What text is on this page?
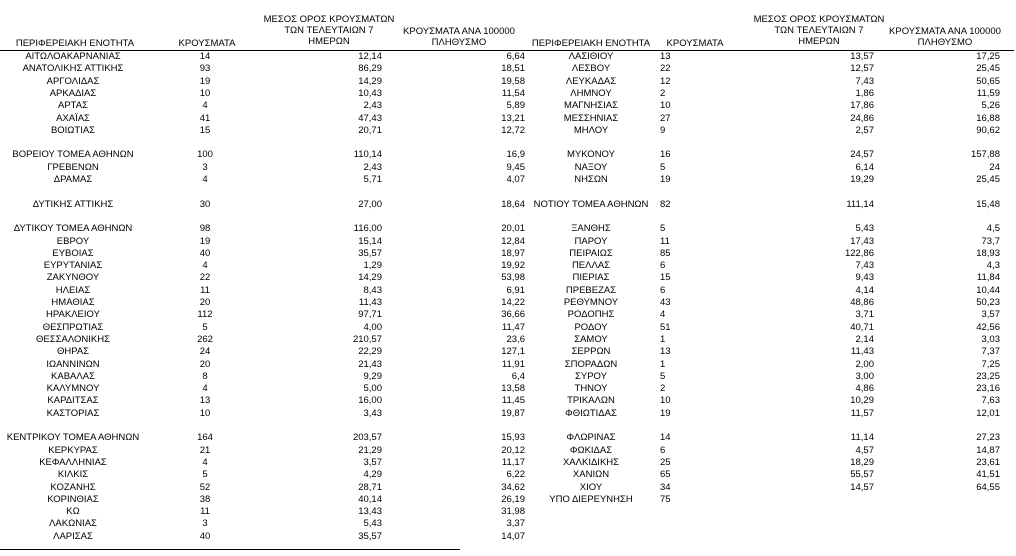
ΠΕΡΙΦΕΡΕΙΑΚΗ ΕΝΟΤΗΤΑ	ΚΡΟΥΣΜΑΤΑ
ΜΕΣΟΣ ΟΡΟΣ ΚΡΟΥΣΜΑΤΩΝ
ΤΩΝ ΤΕΛΕΥΤΑΙΩΝ 7
ΗΜΕΡΩΝ
ΚΡΟΥΣΜΑΤΑ ΑΝΑ 100000
ΠΛΗΘΥΣΜΟ	ΠΕΡΙΦΕΡΕΙΑΚΗ ΕΝΟΤΗΤΑ	ΚΡΟΥΣΜΑΤΑ
ΜΕΣΟΣ ΟΡΟΣ ΚΡΟΥΣΜΑΤΩΝ
ΤΩΝ ΤΕΛΕΥΤΑΙΩΝ 7
ΗΜΕΡΩΝ
ΚΡΟΥΣΜΑΤΑ ΑΝΑ 100000
ΠΛΗΘΥΣΜΟ
ΑΙΤΩΛΟΑΚΑΡΝΑΝΙΑΣ	14	12,14	6,64
ΑΝΑΤΟΛΙΚΗΣ ΑΤΤΙΚΗΣ	93	86,29	18,51
ΑΡΓΟΛΙΔΑΣ	19	14,29	19,58
ΑΡΚΑΔΙΑΣ	10	10,43	11,54
ΑΡΤΑΣ	4	2,43	5,89
ΑΧΑΪΑΣ	41	47,43	13,21
ΒΟΙΩΤΙΑΣ	15	20,71	12,72
ΒΟΡΕΙΟΥ ΤΟΜΕΑ ΑΘΗΝΩΝ	100	110,14	16,9
ΓΡΕΒΕΝΩΝ	3	2,43	9,45
ΔΡΑΜΑΣ	4	5,71	4,07
ΔΥΤΙΚΗΣ ΑΤΤΙΚΗΣ	30	27,00	18,64
ΔΥΤΙΚΟΥ ΤΟΜΕΑ ΑΘΗΝΩΝ	98	116,00	20,01
ΕΒΡΟΥ	19	15,14	12,84
ΕΥΒΟΙΑΣ	40	35,57	18,97
ΕΥΡΥΤΑΝΙΑΣ	4	1,29	19,92
ΖΑΚΥΝΘΟΥ	22	14,29	53,98
ΗΛΕΙΑΣ	11	8,43	6,91
ΗΜΑΘΙΑΣ	20	11,43	14,22
ΗΡΑΚΛΕΙΟΥ	112	97,71	36,66
ΘΕΣΠΡΩΤΙΑΣ	5	4,00	11,47
ΘΕΣΣΑΛΟΝΙΚΗΣ	262	210,57	23,6
ΘΗΡΑΣ	24	22,29	127,1
ΙΩΑΝΝΙΝΩΝ	20	21,43	11,91
ΚΑΒΑΛΑΣ	8	9,29	6,4
ΚΑΛΥΜΝΟΥ	4	5,00	13,58
ΚΑΡΔΙΤΣΑΣ	13	16,00	11,45
ΚΑΣΤΟΡΙΑΣ	10	3,43	19,87
ΚΕΝΤΡΙΚΟΥ ΤΟΜΕΑ ΑΘΗΝΩΝ	164	203,57	15,93
ΚΕΡΚΥΡΑΣ	21	21,29	20,12
ΚΕΦΑΛΛΗΝΙΑΣ	4	3,57	11,17
ΚΙΛΚΙΣ	5	4,29	6,22
ΚΟΖΑΝΗΣ	52	28,71	34,62
ΚΟΡΙΝΘΙΑΣ	38	40,14	26,19
ΚΩ	11	13,43	31,98
ΛΑΚΩΝΙΑΣ	3	5,43	3,37
ΛΑΡΙΣΑΣ	40	35,57	14,07
ΛΑΣΙΘΙΟΥ	13	13,57	17,25
ΛΕΣΒΟΥ	22	12,57	25,45
ΛΕΥΚΑΔΑΣ	12	7,43	50,65
ΛΗΜΝΟΥ	2	1,86	11,59
ΜΑΓΝΗΣΙΑΣ	10	17,86	5,26
ΜΕΣΣΗΝΙΑΣ	27	24,86	16,88
ΜΗΛΟΥ	9	2,57	90,62
ΜΥΚΟΝΟΥ	16	24,57	157,88
ΝΑΞΟΥ	5	6,14	24
ΝΗΣΩΝ	19	19,29	25,45
ΝΟΤΙΟΥ ΤΟΜΕΑ ΑΘΗΝΩΝ	82	111,14	15,48
ΞΑΝΘΗΣ	5	5,43	4,5
ΠΑΡΟΥ	11	17,43	73,7
ΠΕΙΡΑΙΩΣ	85	122,86	18,93
ΠΕΛΛΑΣ	6	7,43	4,3
ΠΙΕΡΙΑΣ	15	9,43	11,84
ΠΡΕΒΕΖΑΣ	6	4,14	10,44
ΡΕΘΥΜΝΟΥ	43	48,86	50,23
ΡΟΔΟΠΗΣ	4	3,71	3,57
ΡΟΔΟΥ	51	40,71	42,56
ΣΑΜΟΥ	1	2,14	3,03
ΣΕΡΡΩΝ	13	11,43	7,37
ΣΠΟΡΑΔΩΝ	1	2,00	7,25
ΣΥΡΟΥ	5	3,00	23,25
ΤΗΝΟΥ	2	4,86	23,16
ΤΡΙΚΑΛΩΝ	10	10,29	7,63
ΦΘΙΩΤΙΔΑΣ	19	11,57	12,01
ΦΛΩΡΙΝΑΣ	14	11,14	27,23
ΦΩΚΙΔΑΣ	6	4,57	14,87
ΧΑΛΚΙΔΙΚΗΣ	25	18,29	23,61
ΧΑΝΙΩΝ	65	55,57	41,51
ΧΙΟΥ	34	14,57	64,55
ΥΠΟ ΔΙΕΡΕΥΝΗΣΗ	75
